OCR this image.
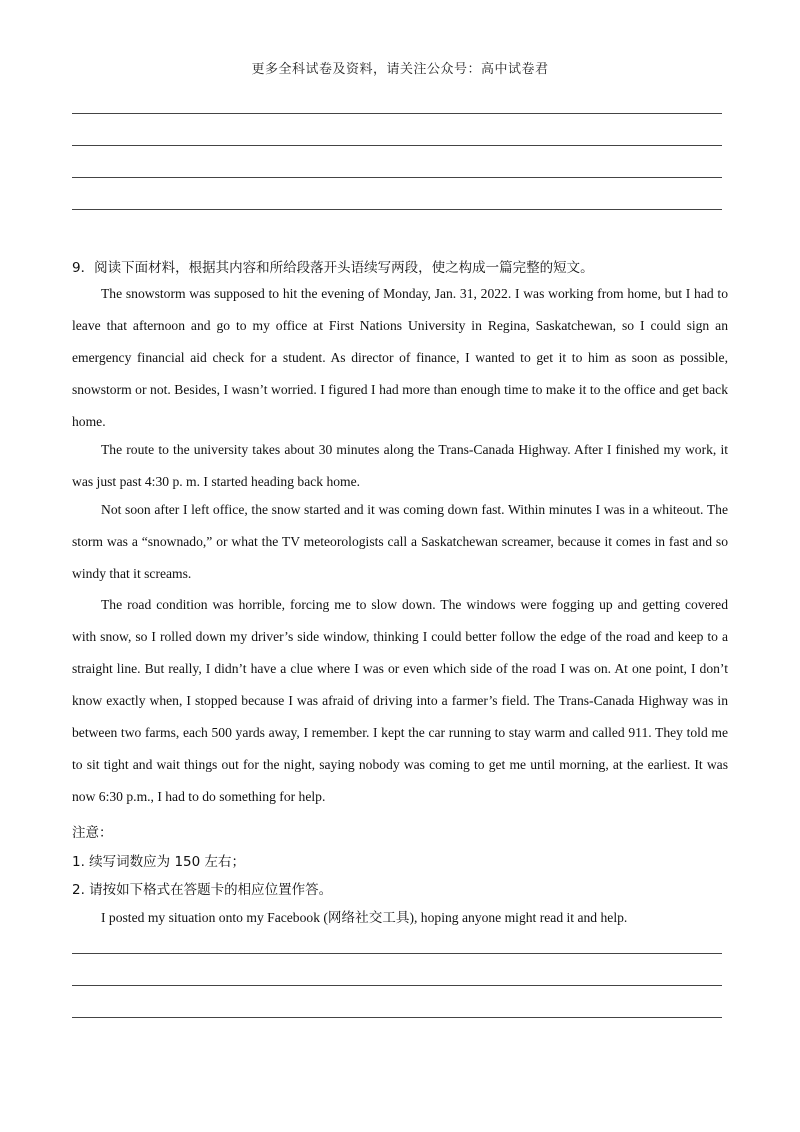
更多全科试卷及资料，请关注公众号：高中试卷君
9．阅读下面材料，根据其内容和所给段落开头语续写两段，使之构成一篇完整的短文。
The snowstorm was supposed to hit the evening of Monday, Jan. 31, 2022. I was working from home, but I had to leave that afternoon and go to my office at First Nations University in Regina, Saskatchewan, so I could sign an emergency financial aid check for a student. As director of finance, I wanted to get it to him as soon as possible, snowstorm or not. Besides, I wasn’t worried. I figured I had more than enough time to make it to the office and get back home.
The route to the university takes about 30 minutes along the Trans-Canada Highway. After I finished my work, it was just past 4:30 p. m. I started heading back home.
Not soon after I left office, the snow started and it was coming down fast. Within minutes I was in a whiteout. The storm was a “snownado,” or what the TV meteorologists call a Saskatchewan screamer, because it comes in fast and so windy that it screams.
The road condition was horrible, forcing me to slow down. The windows were fogging up and getting covered with snow, so I rolled down my driver’s side window, thinking I could better follow the edge of the road and keep to a straight line. But really, I didn’t have a clue where I was or even which side of the road I was on. At one point, I don’t know exactly when, I stopped because I was afraid of driving into a farmer’s field. The Trans-Canada Highway was in between two farms, each 500 yards away, I remember. I kept the car running to stay warm and called 911. They told me to sit tight and wait things out for the night, saying nobody was coming to get me until morning, at the earliest. It was now 6:30 p.m., I had to do something for help.
注意：
1. 续写词数应为 150 左右；
2. 请按如下格式在答题卡的相应位置作答。
I posted my situation onto my Facebook (网络社交工具), hoping anyone might read it and help.
